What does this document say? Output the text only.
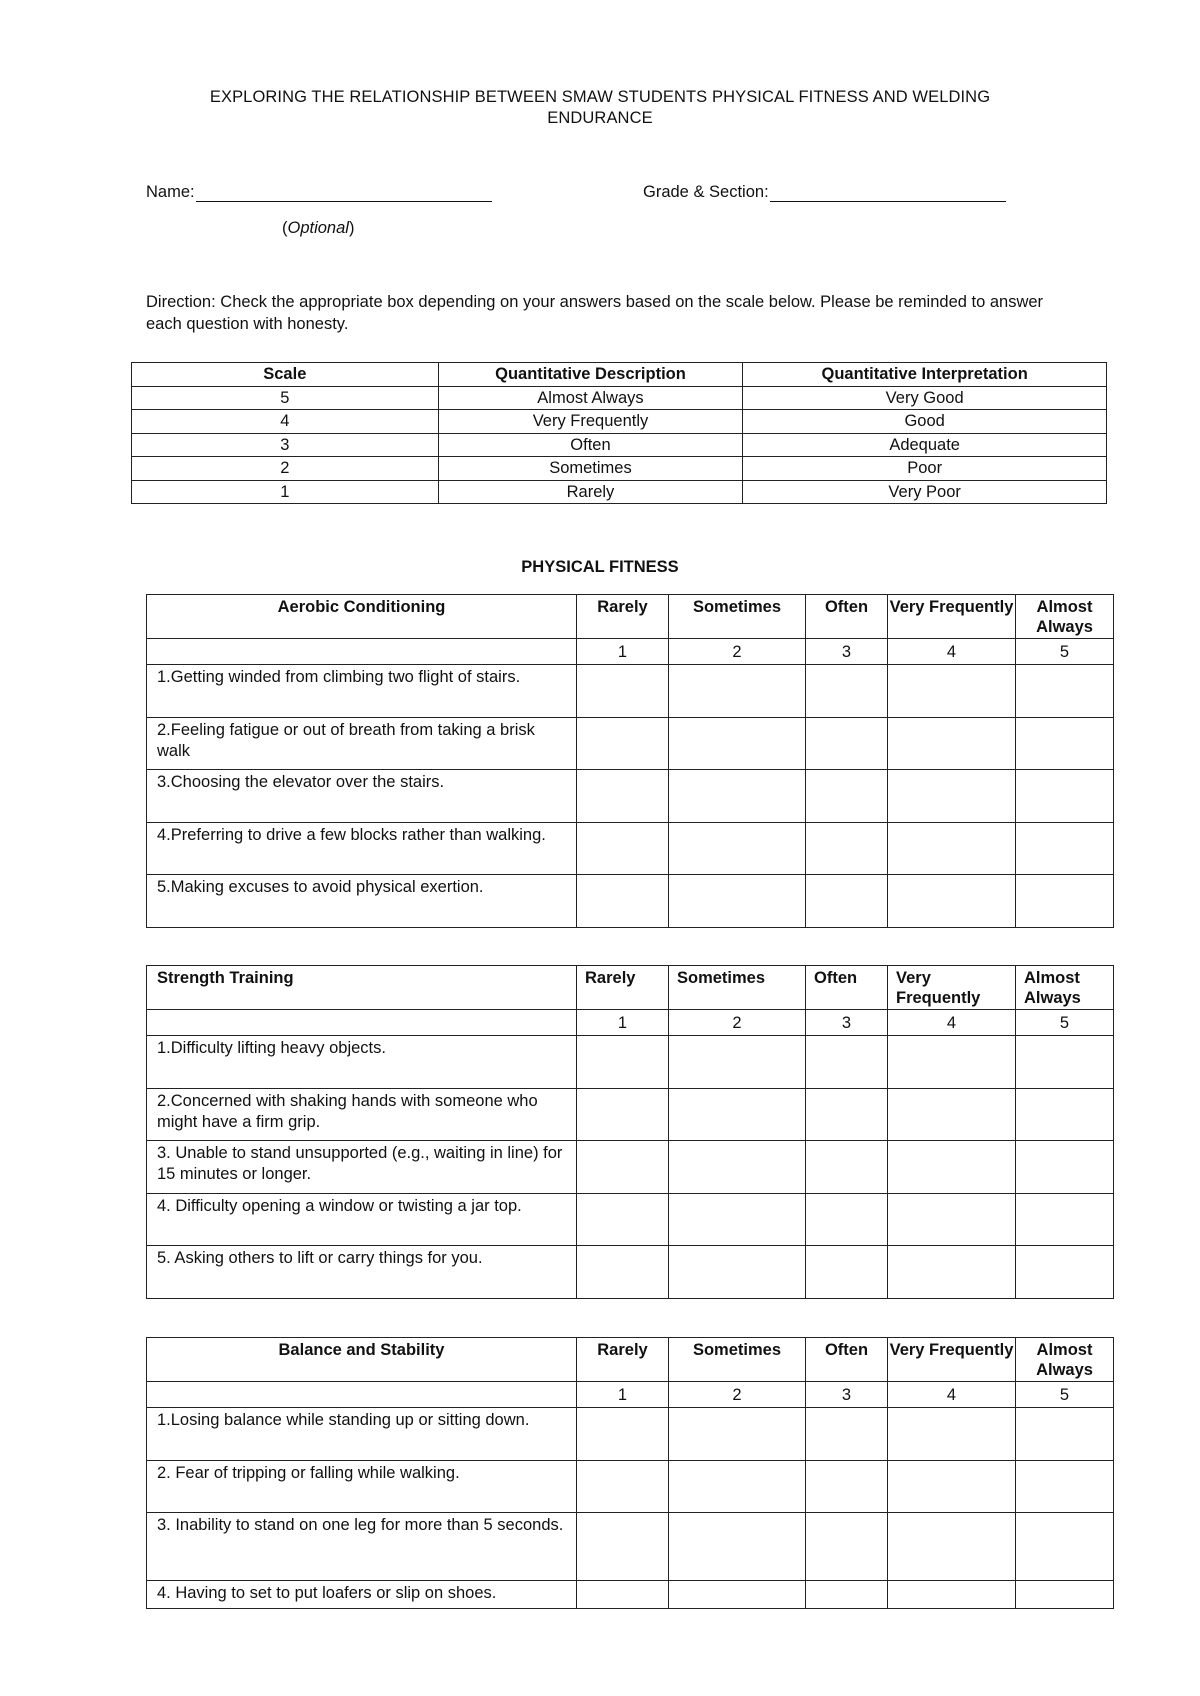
EXPLORING THE RELATIONSHIP BETWEEN SMAW STUDENTS PHYSICAL FITNESS AND WELDING
ENDURANCE
Name:	Grade & Section:
(Optional)
Direction: Check the appropriate box depending on your answers based on the scale below. Please be reminded to answer each question with honesty.
Scale	Quantitative Description	Quantitative Interpretation
5	Almost Always	Very Good
4	Very Frequently	Good
3	Often	Adequate
2	Sometimes	Poor
1	Rarely	Very Poor
PHYSICAL FITNESS
Aerobic Conditioning	Rarely	Sometimes	Often	Very Frequently	Almost Always
	1	2	3	4	5
1.Getting winded from climbing two flight of stairs.					
2.Feeling fatigue or out of breath from taking a brisk walk					
3.Choosing the elevator over the stairs.					
4.Preferring to drive a few blocks rather than walking.					
5.Making excuses to avoid physical exertion.					
Strength Training	Rarely	Sometimes	Often	Very Frequently	Almost Always
	1	2	3	4	5
1.Difficulty lifting heavy objects.					
2.Concerned with shaking hands with someone who might have a firm grip.					
3. Unable to stand unsupported (e.g., waiting in line) for 15 minutes or longer.					
4. Difficulty opening a window or twisting a jar top.					
5. Asking others to lift or carry things for you.					
Balance and Stability	Rarely	Sometimes	Often	Very Frequently	Almost Always
	1	2	3	4	5
1.Losing balance while standing up or sitting down.					
2. Fear of tripping or falling while walking.					
3. Inability to stand on one leg for more than 5 seconds.					
4. Having to set to put loafers or slip on shoes.					
